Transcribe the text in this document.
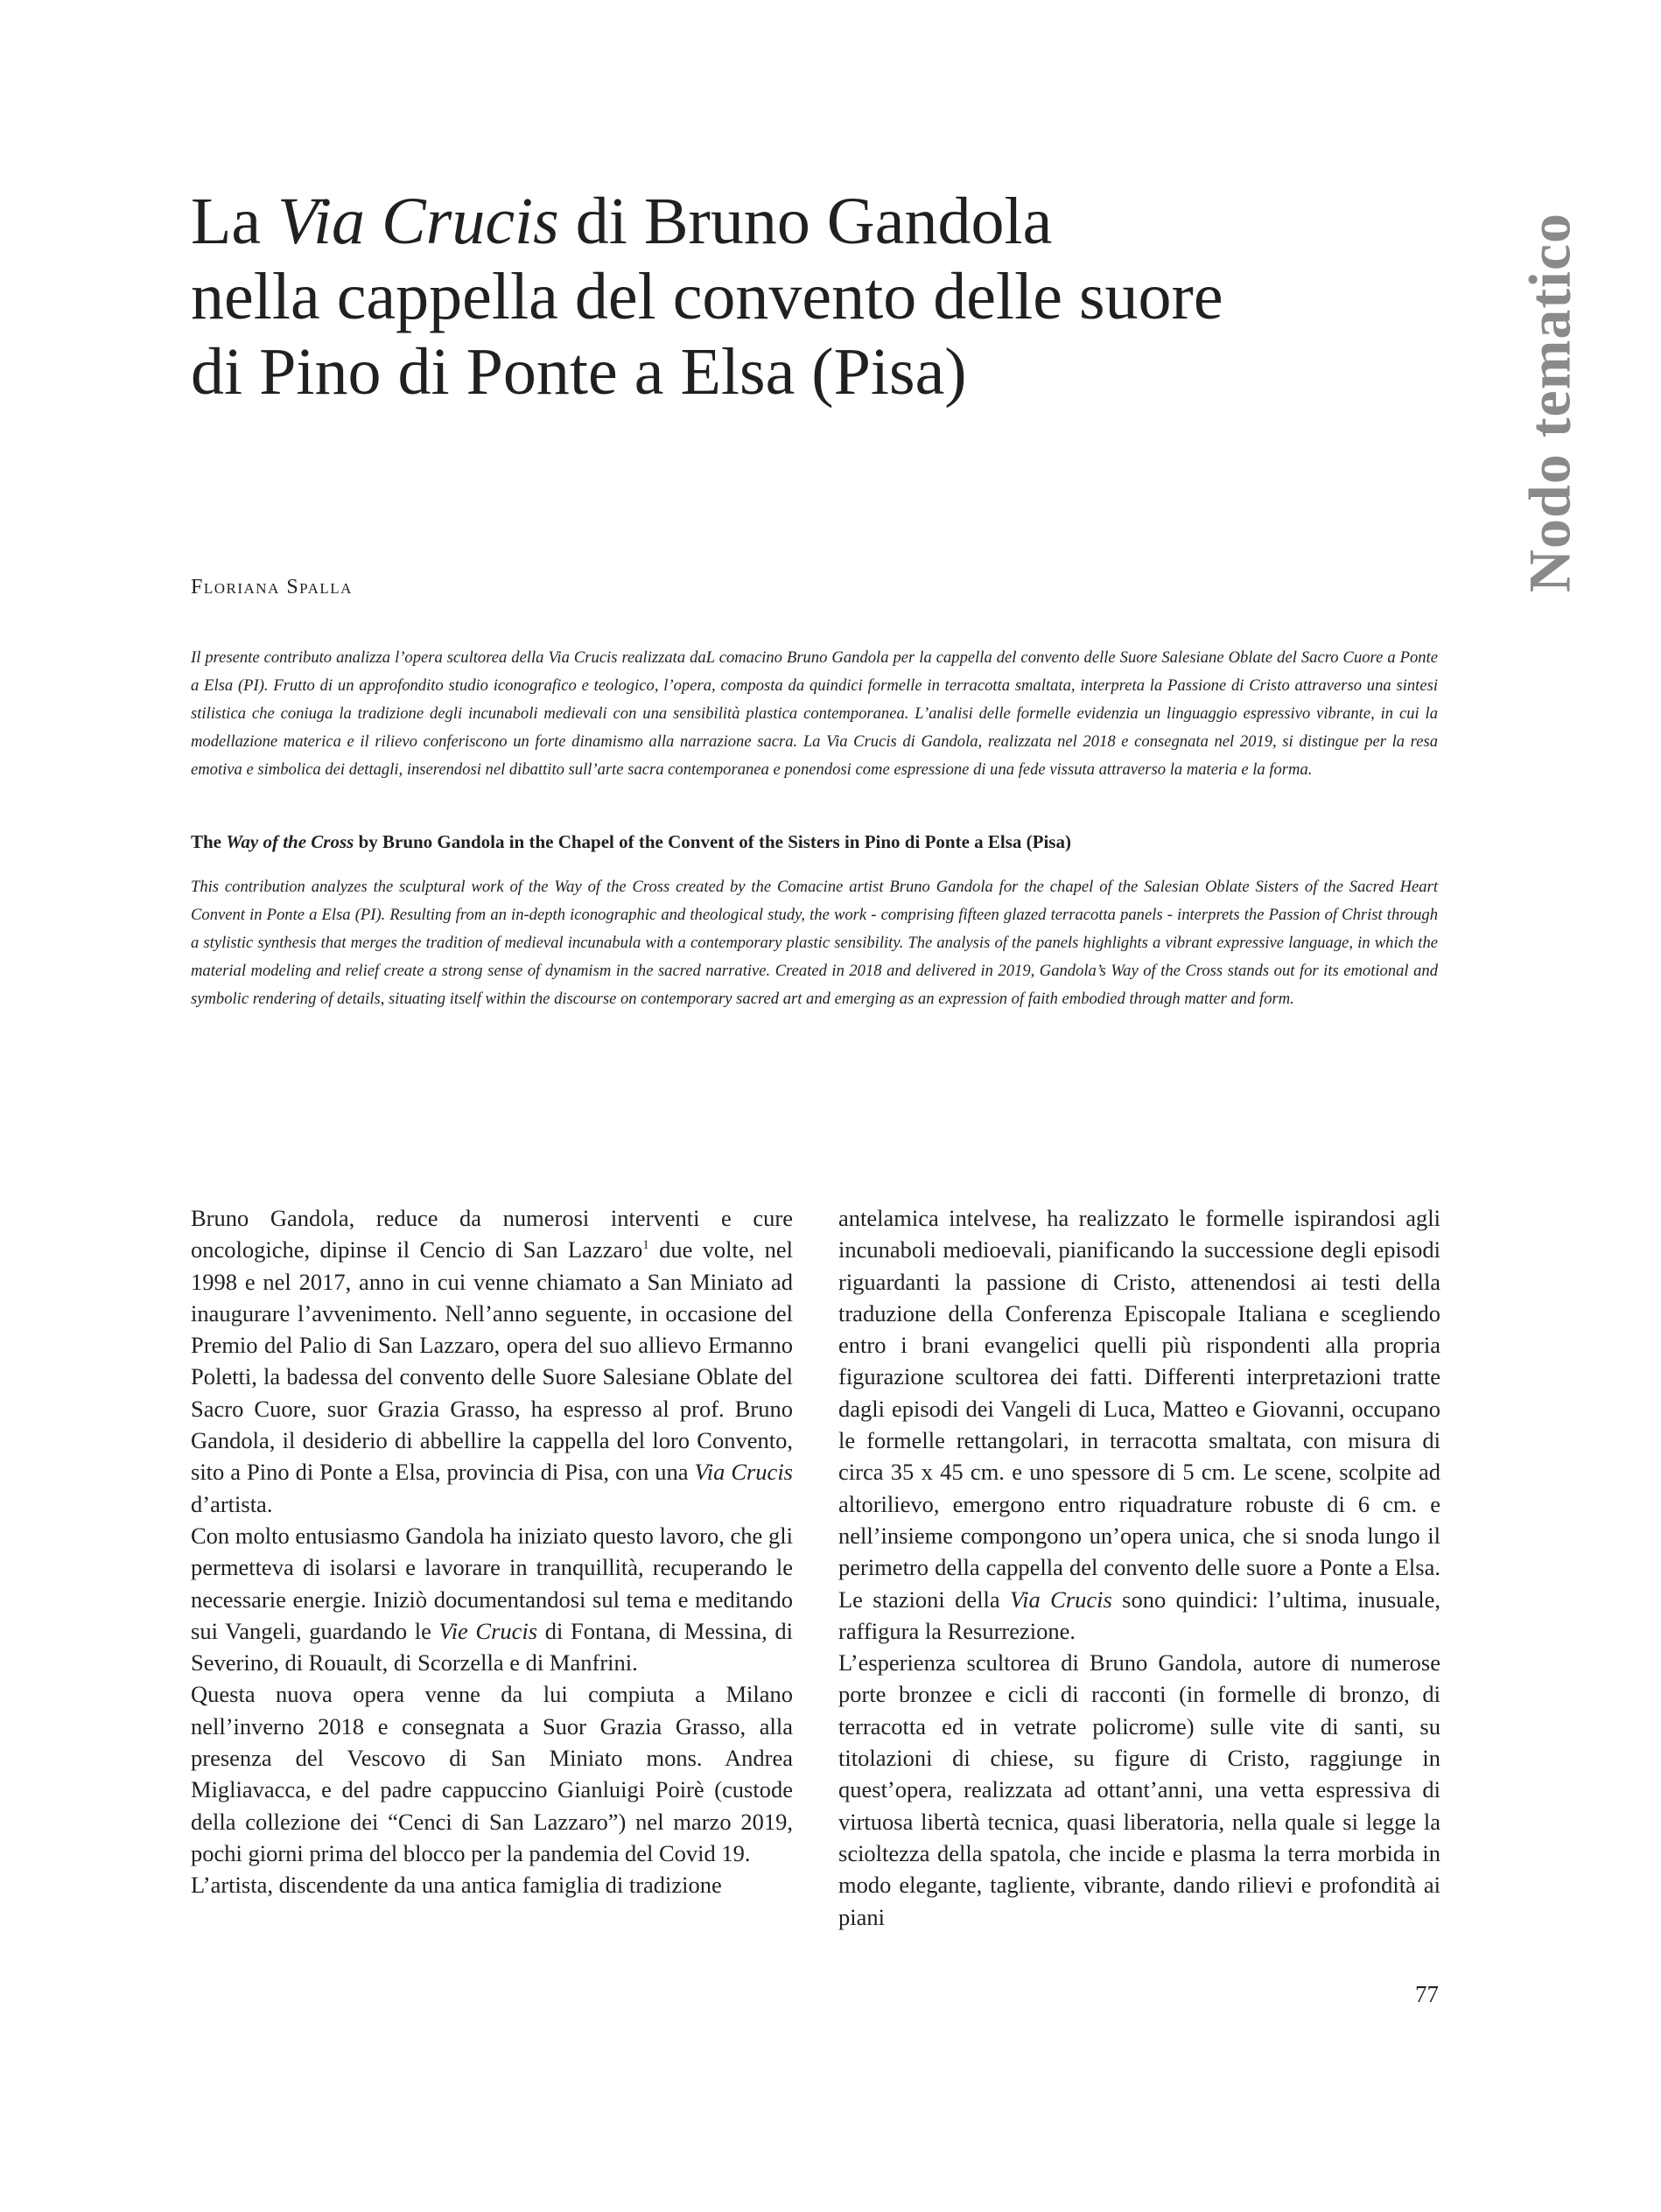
La Via Crucis di Bruno Gandola
nella cappella del convento delle suore
di Pino di Ponte a Elsa (Pisa)	Nodo tematico
Floriana Spalla

Il presente contributo analizza l’opera scultorea della Via Crucis realizzata daL comacino Bruno Gandola per la cappella del convento delle Suore Salesiane Oblate del Sacro Cuore a Ponte a Elsa (PI). Frutto di un approfondito studio iconografico e teologico, l’opera, composta da quindici formelle in terracotta smaltata, interpreta la Passione di Cristo attraverso una sintesi stilistica che coniuga la tradizione degli incunaboli medievali con una sensibilità plastica contemporanea. L’analisi delle formelle evidenzia un linguaggio espressivo vibrante, in cui la modellazione materica e il rilievo conferiscono un forte dinamismo alla narrazione sacra. La Via Crucis di Gandola, realizzata nel 2018 e consegnata nel 2019, si distingue per la resa emotiva e simbolica dei dettagli, inserendosi nel dibattito sull’arte sacra contemporanea e ponendosi come espressione di una fede vissuta attraverso la materia e la forma.

The Way of the Cross by Bruno Gandola in the Chapel of the Convent of the Sisters in Pino di Ponte a Elsa (Pisa)

This contribution analyzes the sculptural work of the Way of the Cross created by the Comacine artist Bruno Gandola for the chapel of the Salesian Oblate Sisters of the Sacred Heart Convent in Ponte a Elsa (PI). Resulting from an in-depth iconographic and theological study, the work - comprising fifteen glazed terracotta panels - interprets the Passion of Christ through a stylistic synthesis that merges the tradition of medieval incunabula with a contemporary plastic sensibility. The analysis of the panels highlights a vibrant expressive language, in which the material modeling and relief create a strong sense of dynamism in the sacred narrative. Created in 2018 and delivered in 2019, Gandola’s Way of the Cross stands out for its emotional and symbolic rendering of details, situating itself within the discourse on contemporary sacred art and emerging as an expression of faith embodied through matter and form.

Bruno Gandola, reduce da numerosi interventi e cure oncologiche, dipinse il Cencio di San Lazzaro$^1$ due volte, nel 1998 e nel 2017, anno in cui venne chiamato a San Miniato ad inaugurare l’avvenimento. Nell’anno seguente, in occasione del Premio del Palio di San Lazzaro, opera del suo allievo Ermanno Poletti, la badessa del convento delle Suore Salesiane Oblate del Sacro Cuore, suor Grazia Grasso, ha espresso al prof. Bruno Gandola, il desiderio di abbellire la cappella del loro Convento, sito a Pino di Ponte a Elsa, provincia di Pisa, con una Via Crucis d’artista.

Con molto entusiasmo Gandola ha iniziato questo lavoro, che gli permetteva di isolarsi e lavorare in tranquillità, recuperando le necessarie energie. Iniziò documentandosi sul tema e meditando sui Vangeli, guardando le Vie Crucis di Fontana, di Messina, di Severino, di Rouault, di Scorzella e di Manfrini.

Questa nuova opera venne da lui compiuta a Milano nell’inverno 2018 e consegnata a Suor Grazia Grasso, alla presenza del Vescovo di San Miniato mons. Andrea Migliavacca, e del padre cappuccino Gianluigi Poirè (custode della collezione dei “Cenci di San Lazzaro”) nel marzo 2019, pochi giorni prima del blocco per la pandemia del Covid 19.

L’artista, discendente da una antica famiglia di tradizione

antelamica intelvese, ha realizzato le formelle ispirandosi agli incunaboli medioevali, pianificando la successione degli episodi riguardanti la passione di Cristo, attenendosi ai testi della traduzione della Conferenza Episcopale Italiana e scegliendo entro i brani evangelici quelli più rispondenti alla propria figurazione scultorea dei fatti. Differenti interpretazioni tratte dagli episodi dei Vangeli di Luca, Matteo e Giovanni, occupano le formelle rettangolari, in terracotta smaltata, con misura di circa 35 x 45 cm. e uno spessore di 5 cm. Le scene, scolpite ad altorilievo, emergono entro riquadrature robuste di 6 cm. e nell’insieme compongono un’opera unica, che si snoda lungo il perimetro della cappella del convento delle suore a Ponte a Elsa. Le stazioni della Via Crucis sono quindici: l’ultima, inusuale, raffigura la Resurrezione.

L’esperienza scultorea di Bruno Gandola, autore di numerose porte bronzee e cicli di racconti (in formelle di bronzo, di terracotta ed in vetrate policrome) sulle vite di santi, su titolazioni di chiese, su figure di Cristo, raggiunge in quest’opera, realizzata ad ottant’anni, una vetta espressiva di virtuosa libertà tecnica, quasi liberatoria, nella quale si legge la scioltezza della spatola, che incide e plasma la terra morbida in modo elegante, tagliente, vibrante, dando rilievi e profondità ai piani

77
